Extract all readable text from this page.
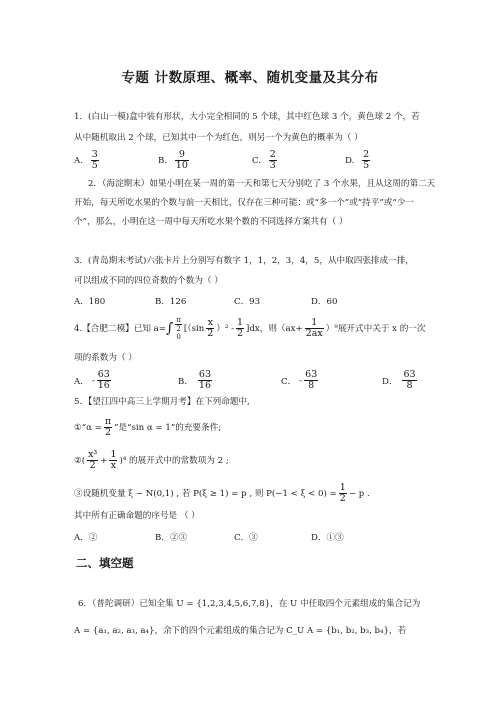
专题 计数原理、概率、随机变量及其分布
1．(白山一模)盒中装有形状，大小完全相同的 5 个球，其中红色球 3 个，黄色球 2 个，若
从中随机取出 2 个球，已知其中一个为红色，则另一个为黄色的概率为（ ）
A. $\frac{3}{5}$	B. $\frac{9}{10}$	C. $\frac{2}{3}$	D. $\frac{2}{5}$
2．（海淀期末）如果小明在某一周的第一天和第七天分别吃了 3 个水果，且从这周的第二天
开始，每天所吃水果的个数与前一天相比，仅存在三种可能：或“多一个”或“持平”或“少一
个”，那么，小明在这一周中每天所吃水果个数的不同选择方案共有（ ）
3．(青岛期末考试)六张卡片上分别写有数字 1，1，2，3，4，5，从中取四张排成一排，
可以组成不同的四位奇数的个数为（ ）
A．180	B．126	C．93	D．60
4.【合肥二模】已知 a=∫
π
2
0
$[(\sin \frac{x}{2} )^2 - \frac{1}{2} ]dx$，则$(ax+ \frac{1}{2ax} )^9$展开式中关于 x 的一次
项的系数为（ ）
A． - $\frac{63}{16}$	B． $\frac{63}{16}$	C． - $\frac{63}{8}$	D． $\frac{63}{8}$
5．【望江四中高三上学期月考】在下列命题中,
①“α = $\frac{\pi}{2}$ ”是“sin α = 1”的充要条件;
②( $\frac{\text{x³}}{2} + \frac{1}{x} )^4$ 的展开式中的常数项为 2 ;
③设随机变量 ξ ~ N(0,1) , 若 P(ξ ≥ 1) = p , 则 $P(-1 < \xi < 0) = \frac{1}{2} - p$ .
其中所有正确命题的序号是 （ ）
A．②	B．②③	C．③	D．①③
二、填空题
6．（普陀调研）已知全集 U = {1,2,3,4,5,6,7,8}，在 U 中任取四个元素组成的集合记为
A = {a₁, a₂, a₃, a₄}，余下的四个元素组成的集合记为 C_U A = {b₁, b₂, b₃, b₄}，若
